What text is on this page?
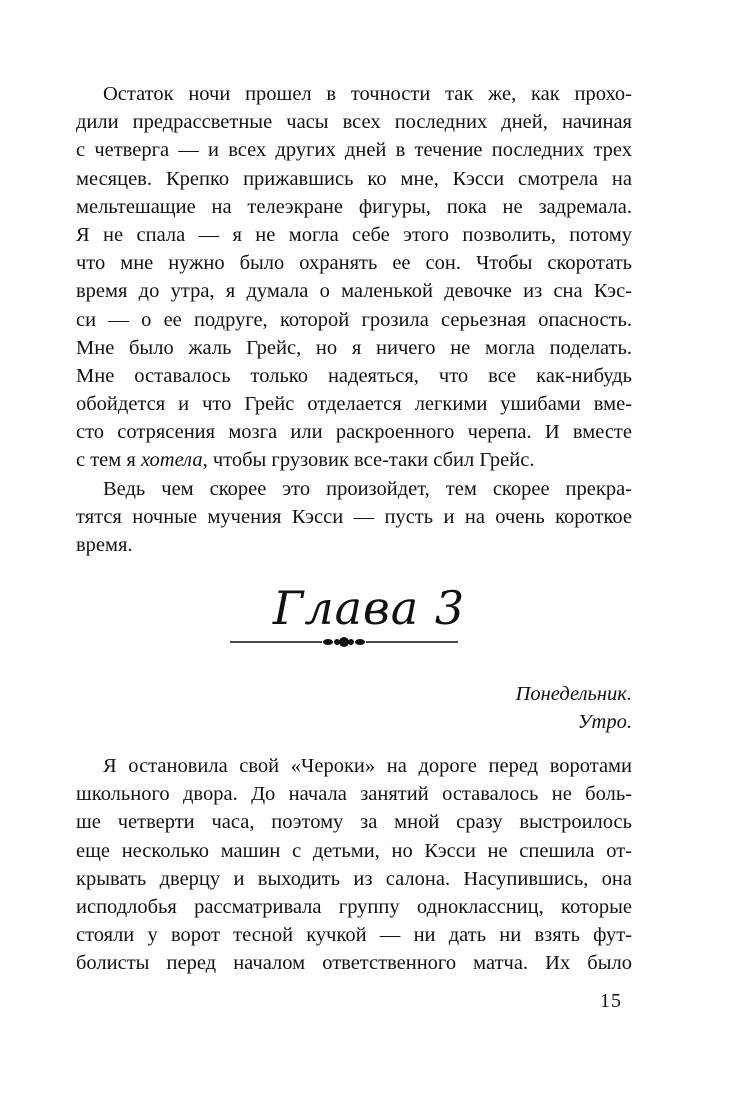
Остаток ночи прошел в точности так же, как прохо-
дили предрассветные часы всех последних дней, начиная
с четверга — и всех других дней в течение последних трех
месяцев. Крепко прижавшись ко мне, Кэсси смотрела на
мельтешащие на телеэкране фигуры, пока не задремала.
Я не спала — я не могла себе этого позволить, потому
что мне нужно было охранять ее сон. Чтобы скоротать
время до утра, я думала о маленькой девочке из сна Кэс-
си — о ее подруге, которой грозила серьезная опасность.
Мне было жаль Грейс, но я ничего не могла поделать.
Мне оставалось только надеяться, что все как-нибудь
обойдется и что Грейс отделается легкими ушибами вме-
сто сотрясения мозга или раскроенного черепа. И вместе
с тем я хотела, чтобы грузовик все-таки сбил Грейс.
Ведь чем скорее это произойдет, тем скорее прекра-
тятся ночные мучения Кэсси — пусть и на очень короткое
время.
Глава 3
Понедельник.
Утро.
Я остановила свой «Чероки» на дороге перед воротами
школьного двора. До начала занятий оставалось не боль-
ше четверти часа, поэтому за мной сразу выстроилось
еще несколько машин с детьми, но Кэсси не спешила от-
крывать дверцу и выходить из салона. Насупившись, она
исподлобья рассматривала группу одноклассниц, которые
стояли у ворот тесной кучкой — ни дать ни взять фут-
болисты перед началом ответственного матча. Их было
15
